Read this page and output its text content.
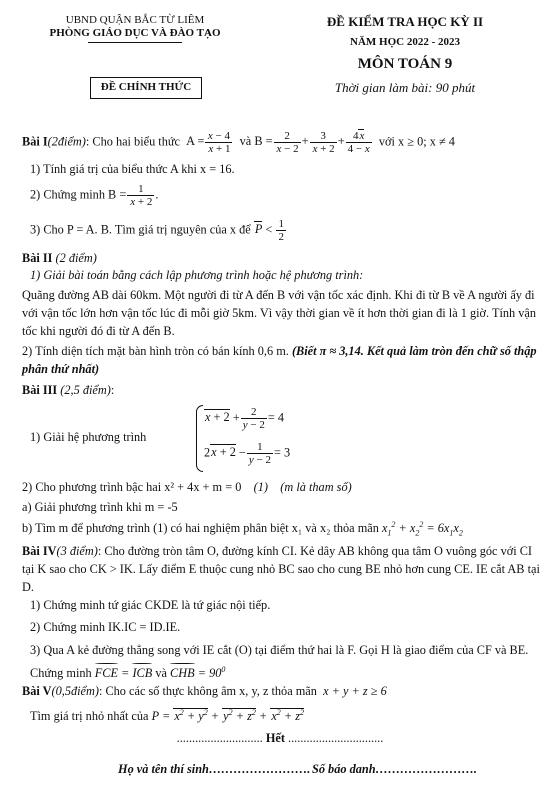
UBND QUẬN BẮC TỪ LIÊM
PHÒNG GIÁO DỤC VÀ ĐÀO TẠO
ĐỀ CHÍNH THỨC
ĐỀ KIỂM TRA HỌC KỲ II
NĂM HỌC 2022 - 2023
MÔN TOÁN 9
Thời gian làm bài: 90 phút
Bài I(2điểm): Cho hai biểu thức  $A = \frac{x - 4}{x + 1}$ và $B = \frac{2}{x - 2} + \frac{3}{x + 2} + \frac{4x}{4 - x}$ với x ≥ 0; x ≠ 4
1) Tính giá trị của biểu thức A khi x = 16.
2) Chứng minh $B = \frac{1}{x + 2}$ .
3) Cho P = A. B. Tìm giá trị nguyên của x để $P < \frac{1}{2}$
Bài II (2 điểm)
1) Giải bài toán bằng cách lập phương trình hoặc hệ phương trình:
Quãng đường AB dài 60km. Một người đi từ A đến B với vận tốc xác định. Khi đi từ B về A người ấy đi với vận tốc lớn hơn vận tốc lúc đi mỗi giờ 5km. Vì vậy thời gian về ít hơn thời gian đi là 1 giờ. Tính vận tốc khi người đó đi từ A đến B.
2) Tính diện tích mặt bàn hình tròn có bán kính 0,6 m. (Biết π ≈ 3,14. Kết quả làm tròn đến chữ số thập phân thứ nhất)
Bài III (2,5 điểm):
1) Giải hệ phương trình
$x + 2 + \frac{2}{y - 2} = 4$
$2x + 2 - \frac{1}{y - 2} = 3$
2) Cho phương trình bậc hai x² + 4x + m = 0 (1) (m là tham số)
a) Giải phương trình khi m = -5
b) Tìm m để phương trình (1) có hai nghiệm phân biệt x₁ và x₂ thỏa mãn $x_1^2 + x_2^2 = 6x_1x_2$
Bài IV(3 điểm): Cho đường tròn tâm O, đường kính CI. Kẻ dây AB không qua tâm O vuông góc với CI tại K sao cho CK > IK. Lấy điểm E thuộc cung nhỏ BC sao cho cung BE nhỏ hơn cung CE. IE cắt AB tại D.
1) Chứng minh tứ giác CKDE là tứ giác nội tiếp.
2) Chứng minh IK.IC = ID.IE.
3) Qua A kẻ đường thẳng song với IE cắt (O) tại điểm thứ hai là F. Gọi H là giao điểm của CF và BE. Chứng minh FCE
= ICB và CHB
= $90^0$
Bài V(0,5điểm): Cho các số thực không âm x, y, z thỏa mãn x + y + z ≥ 6
Tìm giá trị nhỏ nhất của $P = x^2 + y^2 + y^2 + z^2 + x^2 + z^2$
............................ Hết ...............................
Họ và tên thí sinh……………………. Số báo danh…………………….
